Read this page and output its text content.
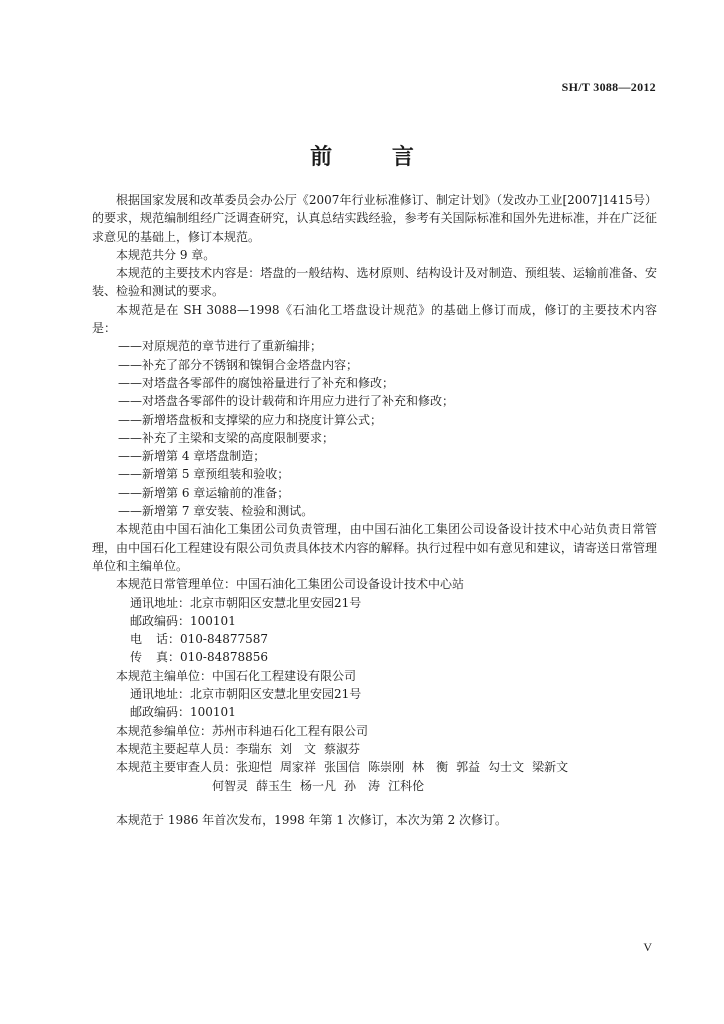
SH/T 3088—2012
前 言

根据国家发展和改革委员会办公厅《2007年行业标准修订、制定计划》（发改办工业[2007]1415号）的要求，规范编制组经广泛调查研究，认真总结实践经验，参考有关国际标准和国外先进标准，并在广泛征求意见的基础上，修订本规范。

本规范共分 9 章。

本规范的主要技术内容是：塔盘的一般结构、选材原则、结构设计及对制造、预组装、运输前准备、安装、检验和测试的要求。

本规范是在 SH 3088—1998《石油化工塔盘设计规范》的基础上修订而成，修订的主要技术内容是：

——对原规范的章节进行了重新编排；

——补充了部分不锈钢和镍铜合金塔盘内容；

——对塔盘各零部件的腐蚀裕量进行了补充和修改；

——对塔盘各零部件的设计载荷和许用应力进行了补充和修改；

——新增塔盘板和支撑梁的应力和挠度计算公式；

——补充了主梁和支梁的高度限制要求；

——新增第 4 章塔盘制造；

——新增第 5 章预组装和验收；

——新增第 6 章运输前的准备；

——新增第 7 章安装、检验和测试。

本规范由中国石油化工集团公司负责管理，由中国石油化工集团公司设备设计技术中心站负责日常管理，由中国石化工程建设有限公司负责具体技术内容的解释。执行过程中如有意见和建议，请寄送日常管理单位和主编单位。

本规范日常管理单位：中国石油化工集团公司设备设计技术中心站

通讯地址：北京市朝阳区安慧北里安园21号

邮政编码：100101

电 话：010-84877587

传 真：010-84878856

本规范主编单位：中国石化工程建设有限公司

通讯地址：北京市朝阳区安慧北里安园21号

邮政编码：100101

本规范参编单位：苏州市科迪石化工程有限公司

本规范主要起草人员：李瑞东 刘　文 蔡淑芬

本规范主要审查人员：张迎恺 周家祥 张国信 陈崇刚 林　衡 郭益 勾士文 梁新文

何智灵 薛玉生 杨一凡 孙　涛 江科伦

本规范于 1986 年首次发布，1998 年第 1 次修订，本次为第 2 次修订。

V
